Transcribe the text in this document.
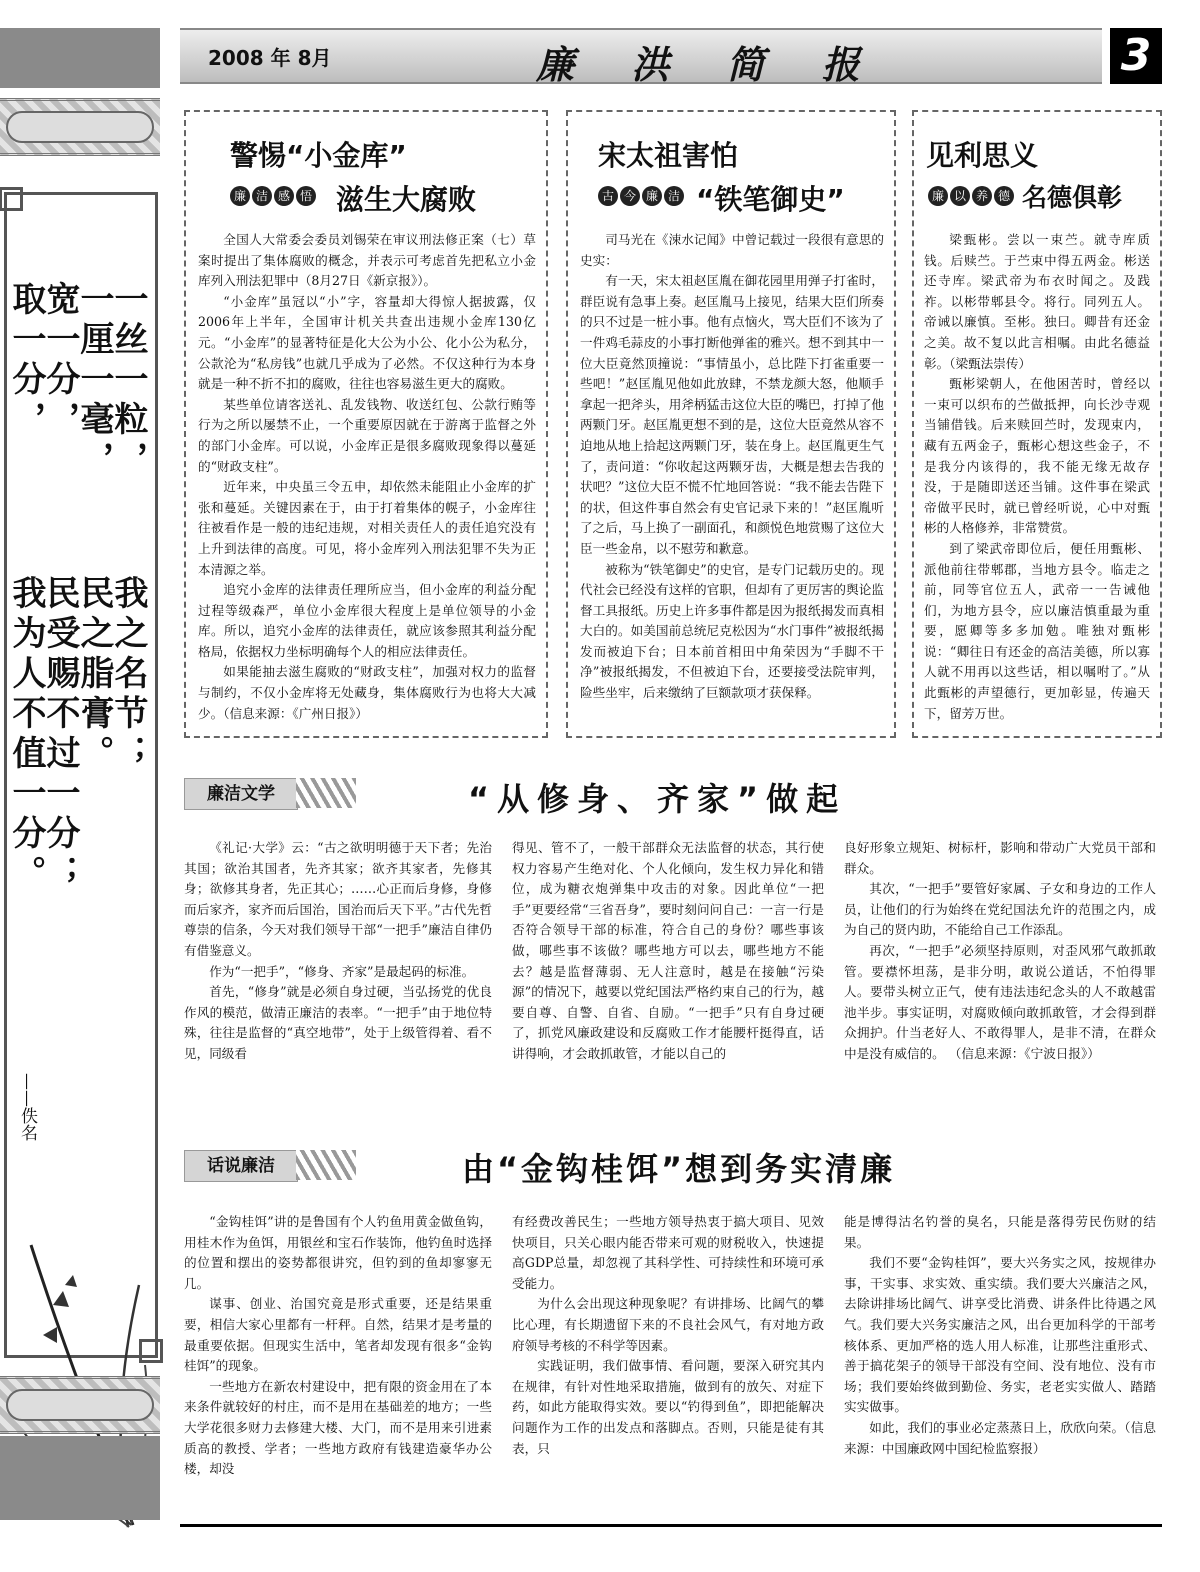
一丝一粒，
一厘一毫，
宽一分，
取一分，
我之名节；
民之脂膏。
民受赐不过一分；
我为人不值一分。
——佚名
2008 年 8月	廉 洪 简 报	3
警惕“小金库”
廉 洁 感 悟 滋生大腐败

全国人大常委会委员刘锡荣在审议刑法修正案（七）草案时提出了集体腐败的概念，并表示可考虑首先把私立小金库列入刑法犯罪中（8月27日《新京报》）。

“小金库”虽冠以“小”字，容量却大得惊人据披露，仅2006年上半年，全国审计机关共查出违规小金库130亿元。“小金库”的显著特征是化大公为小公、化小公为私分，公款沦为“私房钱”也就几乎成为了必然。不仅这种行为本身就是一种不折不扣的腐败，往往也容易滋生更大的腐败。

某些单位请客送礼、乱发钱物、收送红包、公款行贿等行为之所以屡禁不止，一个重要原因就在于游离于监督之外的部门小金库。可以说，小金库正是很多腐败现象得以蔓延的“财政支柱”。

近年来，中央虽三令五申，却依然未能阻止小金库的扩张和蔓延。关键因素在于，由于打着集体的幌子，小金库往往被看作是一般的违纪违规，对相关责任人的责任追究没有上升到法律的高度。可见，将小金库列入刑法犯罪不失为正本清源之举。

追究小金库的法律责任理所应当，但小金库的利益分配过程等级森严，单位小金库很大程度上是单位领导的小金库。所以，追究小金库的法律责任，就应该参照其利益分配格局，依据权力坐标明确每个人的相应法律责任。

如果能抽去滋生腐败的“财政支柱”，加强对权力的监督与制约，不仅小金库将无处藏身，集体腐败行为也将大大减少。（信息来源：《广州日报》）

宋太祖害怕
古 今 廉 洁 “铁笔御史”

司马光在《涑水记闻》中曾记载过一段很有意思的史实：

有一天，宋太祖赵匡胤在御花园里用弹子打雀时，群臣说有急事上奏。赵匡胤马上接见，结果大臣们所奏的只不过是一桩小事。他有点恼火，骂大臣们不该为了一件鸡毛蒜皮的小事打断他弹雀的雅兴。想不到其中一位大臣竟然顶撞说：“事情虽小，总比陛下打雀重要一些吧！”赵匡胤见他如此放肆，不禁龙颜大怒，他顺手拿起一把斧头，用斧柄猛击这位大臣的嘴巴，打掉了他两颗门牙。赵匡胤更想不到的是，这位大臣竟然从容不迫地从地上拾起这两颗门牙，装在身上。赵匡胤更生气了，责问道：“你收起这两颗牙齿，大概是想去告我的状吧？”这位大臣不慌不忙地回答说：“我不能去告陛下的状，但这件事自然会有史官记录下来的！”赵匡胤听了之后，马上换了一副面孔，和颜悦色地赏赐了这位大臣一些金帛，以不慰劳和歉意。

被称为“铁笔御史”的史官，是专门记载历史的。现代社会已经没有这样的官职，但却有了更厉害的舆论监督工具报纸。历史上许多事件都是因为报纸揭发而真相大白的。如美国前总统尼克松因为“水门事件”被报纸揭发而被迫下台；日本前首相田中角荣因为“手脚不干净”被报纸揭发，不但被迫下台，还要接受法院审判，险些坐牢，后来缴纳了巨额款项才获保释。

见利思义
廉 以 养 德 名德俱彰

梁甄彬。尝以一束苎。就寺库质钱。后赎苎。于苎束中得五两金。彬送还寺库。梁武帝为布衣时闻之。及践祚。以彬带郫县令。将行。同列五人。帝诫以廉慎。至彬。独曰。卿昔有还金之美。故不复以此言相嘱。由此名德益彰。（梁甄法崇传）

甄彬梁朝人，在他困苦时，曾经以一束可以织布的苎做抵押，向长沙寺观当铺借钱。后来赎回苎时，发现束内，藏有五两金子，甄彬心想这些金子，不是我分内该得的，我不能无缘无故存没，于是随即送还当铺。这件事在梁武帝做平民时，就已曾经听说，心中对甄彬的人格修养，非常赞赏。

到了梁武帝即位后，便任用甄彬、派他前往带郫郡，当地方县令。临走之前，同等官位五人，武帝一一告诫他们，为地方县令，应以廉洁慎重最为重要，愿卿等多多加勉。唯独对甄彬说：“卿往日有还金的高洁美德，所以寡人就不用再以这些话，相以嘱咐了。”从此甄彬的声望德行，更加彰显，传遍天下，留芳万世。

廉洁文学	“从修身、齐家”做起

《礼记·大学》云：“古之欲明明德于天下者；先治其国；欲治其国者，先齐其家；欲齐其家者，先修其身；欲修其身者，先正其心；……心正而后身修，身修而后家齐，家齐而后国治，国治而后天下平。”古代先哲尊崇的信条，今天对我们领导干部“一把手”廉洁自律仍有借鉴意义。

作为“一把手”，“修身、齐家”是最起码的标准。

首先，“修身”就是必须自身过硬，当弘扬党的优良作风的模范，做清正廉洁的表率。“一把手”由于地位特殊，往往是监督的“真空地带”，处于上级管得着、看不见，同级看

得见、管不了，一般干部群众无法监督的状态，其行使权力容易产生绝对化、个人化倾向，发生权力异化和错位，成为糖衣炮弹集中攻击的对象。因此单位“一把手”更要经常“三省吾身”，要时刻问问自己：一言一行是否符合领导干部的标准，符合自己的身份？哪些事该做，哪些事不该做？哪些地方可以去，哪些地方不能去？越是监督薄弱、无人注意时，越是在接触“污染源”的情况下，越要以党纪国法严格约束自己的行为，越要自尊、自警、自省、自励。“一把手”只有自身过硬了，抓党风廉政建设和反腐败工作才能腰杆挺得直，话讲得响，才会敢抓敢管，才能以自己的

良好形象立规矩、树标杆，影响和带动广大党员干部和群众。

其次，“一把手”要管好家属、子女和身边的工作人员，让他们的行为始终在党纪国法允许的范围之内，成为自己的贤内助，不能给自己工作添乱。

再次，“一把手”必须坚持原则，对歪风邪气敢抓敢管。要襟怀坦荡，是非分明，敢说公道话，不怕得罪人。要带头树立正气，使有违法违纪念头的人不敢越雷池半步。事实证明，对腐败倾向敢抓敢管，才会得到群众拥护。什当老好人、不敢得罪人，是非不清，在群众中是没有威信的。 （信息来源：《宁波日报》）

话说廉洁	由“金钩桂饵”想到务实清廉

“金钩桂饵”讲的是鲁国有个人钓鱼用黄金做鱼钩，用桂木作为鱼饵，用银丝和宝石作装饰，他钓鱼时选择的位置和摆出的姿势都很讲究，但钓到的鱼却寥寥无几。

谋事、创业、治国究竟是形式重要，还是结果重要，相信大家心里都有一杆秤。自然，结果才是考量的最重要依据。但现实生活中，笔者却发现有很多“金钩桂饵”的现象。

一些地方在新农村建设中，把有限的资金用在了本来条件就较好的村庄，而不是用在基础差的地方；一些大学花很多财力去修建大楼、大门，而不是用来引进素质高的教授、学者；一些地方政府有钱建造豪华办公楼，却没

有经费改善民生；一些地方领导热衷于搞大项目、见效快项目，只关心眼内能否带来可观的财税收入，快速提高GDP总量，却忽视了其科学性、可持续性和环境可承受能力。

为什么会出现这种现象呢？有讲排场、比阔气的攀比心理，有长期遗留下来的不良社会风气，有对地方政府领导考核的不科学等因素。

实践证明，我们做事情、看问题，要深入研究其内在规律，有针对性地采取措施，做到有的放矢、对症下药，如此方能取得实效。要以“钓得到鱼”，即把能解决问题作为工作的出发点和落脚点。否则，只能是徒有其表，只

能是博得沽名钓誉的臭名，只能是落得劳民伤财的结果。

我们不要“金钩桂饵”，要大兴务实之风，按规律办事，干实事、求实效、重实绩。我们要大兴廉洁之风，去除讲排场比阔气、讲享受比消费、讲条件比待遇之风气。我们要大兴务实廉洁之风，出台更加科学的干部考核体系、更加严格的选人用人标准，让那些注重形式、善于搞花架子的领导干部没有空间、没有地位、没有市场；我们要始终做到勤俭、务实，老老实实做人、踏踏实实做事。

如此，我们的事业必定蒸蒸日上，欣欣向荣。（信息来源：中国廉政网中国纪检监察报）
